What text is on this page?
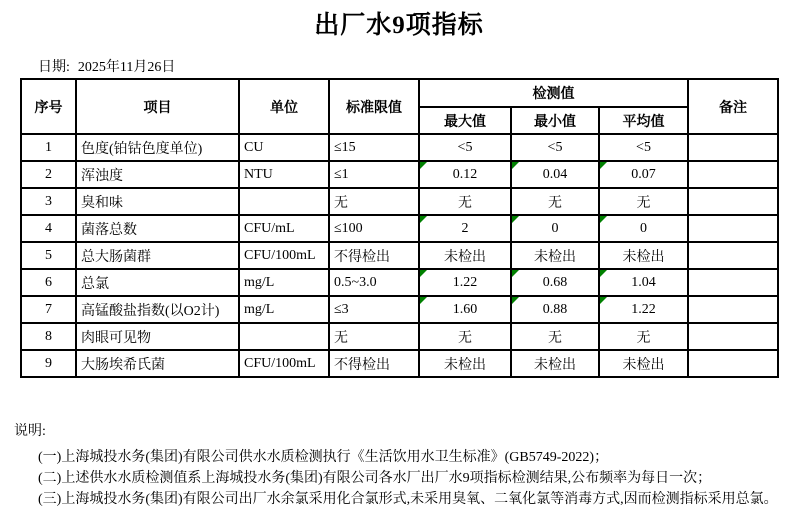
出厂水9项指标
日期: 2025年11月26日
序号	项目	单位	标准限值	检测值			备注
				最大值	最小值	平均值	
1	色度(铂钴色度单位)	CU	≤15	<5	<5	<5	
2	浑浊度	NTU	≤1	0.12	0.04	0.07	
3	臭和味		无	无	无	无	
4	菌落总数	CFU/mL	≤100	2	0	0	
5	总大肠菌群	CFU/100mL	不得检出	未检出	未检出	未检出	
6	总氯	mg/L	0.5~3.0	1.22	0.68	1.04	
7	高锰酸盐指数(以O2计)	mg/L	≤3	1.60	0.88	1.22	
8	肉眼可见物		无	无	无	无	
9	大肠埃希氏菌	CFU/100mL	不得检出	未检出	未检出	未检出	
说明:
(一)上海城投水务(集团)有限公司供水水质检测执行《生活饮用水卫生标准》(GB5749-2022)；
(二)上述供水水质检测值系上海城投水务(集团)有限公司各水厂出厂水9项指标检测结果,公布频率为每日一次；
(三)上海城投水务(集团)有限公司出厂水余氯采用化合氯形式,未采用臭氧、二氧化氯等消毒方式,因而检测指标采用总氯。
